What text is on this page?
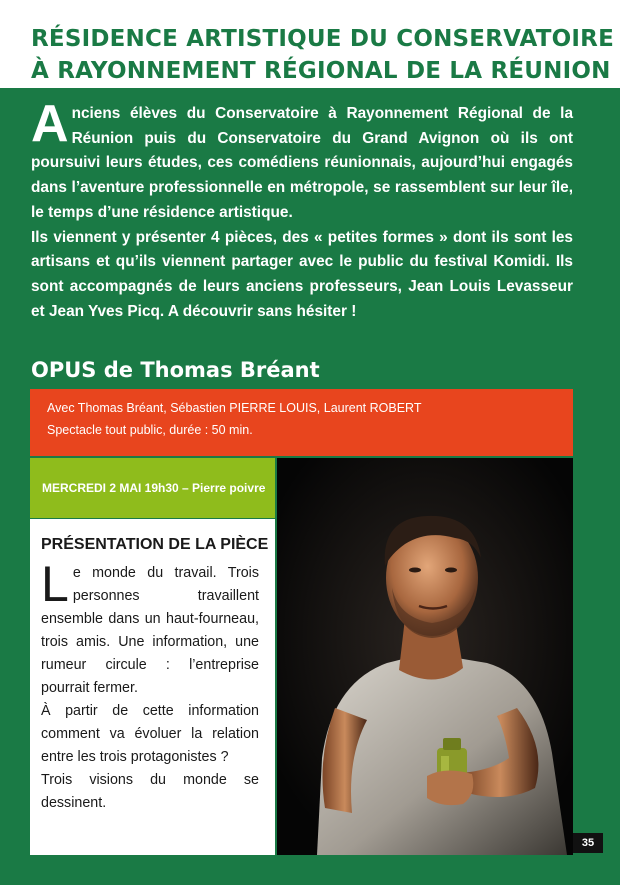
RÉSIDENCE ARTISTIQUE DU CONSERVATOIRE
À RAYONNEMENT RÉGIONAL DE LA RÉUNION

Anciens élèves du Conservatoire à Rayonnement Régional de la Réunion puis du Conservatoire du Grand Avignon où ils ont poursuivi leurs études, ces comédiens réunionnais, aujourd’hui engagés dans l’aventure professionnelle en métropole, se rassemblent sur leur île, le temps d’une résidence artistique.

Ils viennent y présenter 4 pièces, des « petites formes » dont ils sont les artisans et qu’ils viennent partager avec le public du festival Komidi. Ils sont accompagnés de leurs anciens professeurs, Jean Louis Levasseur et Jean Yves Picq. A découvrir sans hésiter !

OPUS de Thomas Bréant
Avec Thomas Bréant, Sébastien PIERRE LOUIS, Laurent ROBERT
Spectacle tout public, durée : 50 min.
MERCREDI 2 MAI 19h30 – Pierre poivre
PRÉSENTATION DE LA PIÈCE

Le monde du travail. Trois personnes travaillent ensemble dans un haut-fourneau, trois amis. Une information, une rumeur circule : l’entreprise pourrait fermer.

À partir de cette information comment va évoluer la relation entre les trois protagonistes ?

Trois visions du monde se dessinent.

35
